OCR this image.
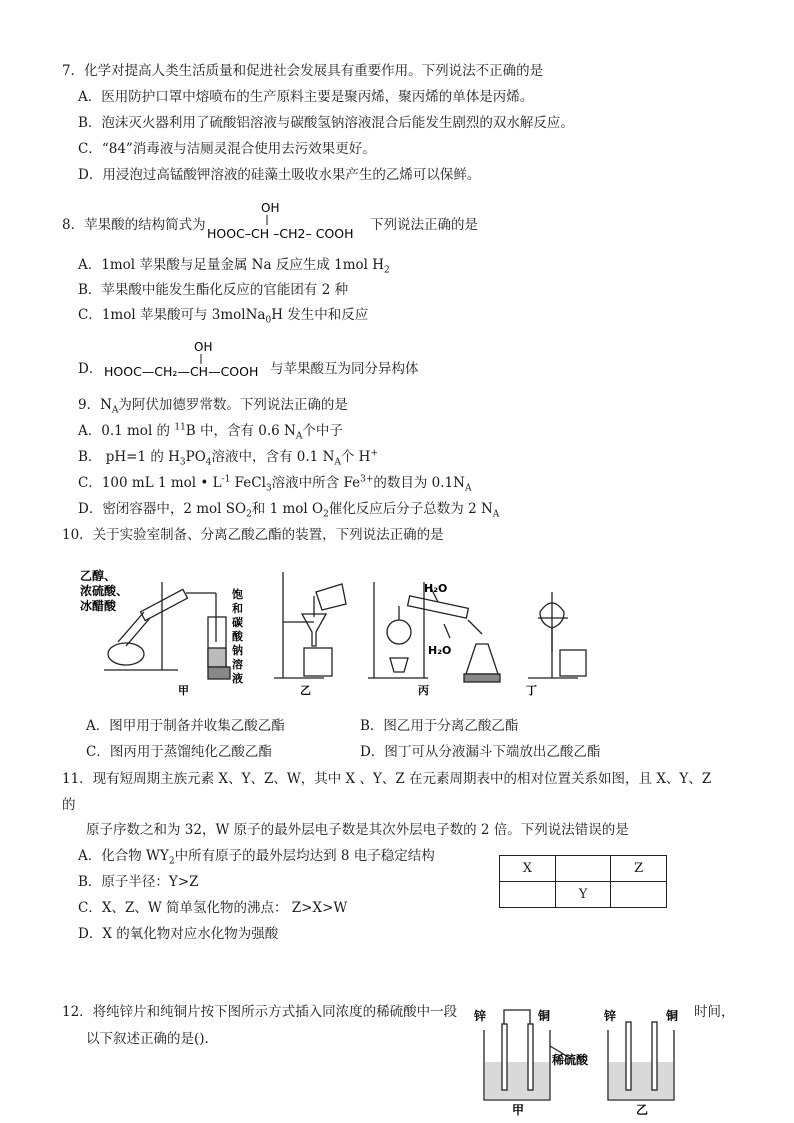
7．化学对提高人类生活质量和促进社会发展具有重要作用。下列说法不正确的是
A．医用防护口罩中熔喷布的生产原料主要是聚丙烯，聚丙烯的单体是丙烯。
B．泡沫灭火器利用了硫酸铝溶液与碳酸氢钠溶液混合后能发生剧烈的双水解反应。
C．“84”消毒液与洁厕灵混合使用去污效果更好。
D．用浸泡过高锰酸钾溶液的硅藻土吸收水果产生的乙烯可以保鲜。
8．苹果酸的结构简式为
OH
HOOC–CH –CH2– COOH
下列说法正确的是
A．1mol 苹果酸与足量金属 Na 反应生成 1mol $H_2$
B．苹果酸中能发生酯化反应的官能团有 2 种
C．1mol 苹果酸可与 3molNa$_0$H 发生中和反应
D．
OH
HOOC—CH₂—CH—COOH 与苹果酸互为同分异构体
9．$N_A$为阿伏加德罗常数。下列说法正确的是
A．0.1 mol 的 $^{11}$B 中，含有 0.6 $N_A$个中子
B． pH=1 的 $H_3PO_4$溶液中，含有 0.1 $N_A$个 H+
C．100 mL 1 mol • $L^{-1}$ FeCl$_3$溶液中所含 $Fe^{3+}$的数目为 $0.1N_A$
D．密闭容器中，2 mol $SO_2$和 1 mol $O_2$催化反应后分子总数为 2 $N_A$
10．关于实验室制备、分离乙酸乙酯的装置，下列说法正确的是
乙醇、
浓硫酸、
冰醋酸
饱
和
碳
酸
钠
溶
液
H₂O
H₂O
甲	乙	丙	丁
A．图甲用于制备并收集乙酸乙酯	B．图乙用于分离乙酸乙酯
C．图丙用于蒸馏纯化乙酸乙酯	D．图丁可从分液漏斗下端放出乙酸乙酯
11．现有短周期主族元素 X、Y、Z、W，其中 X 、Y、Z 在元素周期表中的相对位置关系如图，且 X、Y、Z
的
原子序数之和为 32，W 原子的最外层电子数是其次外层电子数的 2 倍。下列说法错误的是
A．化合物 $WY_2$中所有原子的最外层均达到 8 电子稳定结构
B．原子半径：Y>Z
C．X、Z、W 简单氢化物的沸点： Z>X>W
D．X 的氧化物对应水化物为强酸
X		Z
	Y	
12．将纯锌片和纯铜片按下图所示方式插入同浓度的稀硫酸中一段	时间，
以下叙述正确的是().
锌	铜
稀硫酸
锌	铜
甲	乙
